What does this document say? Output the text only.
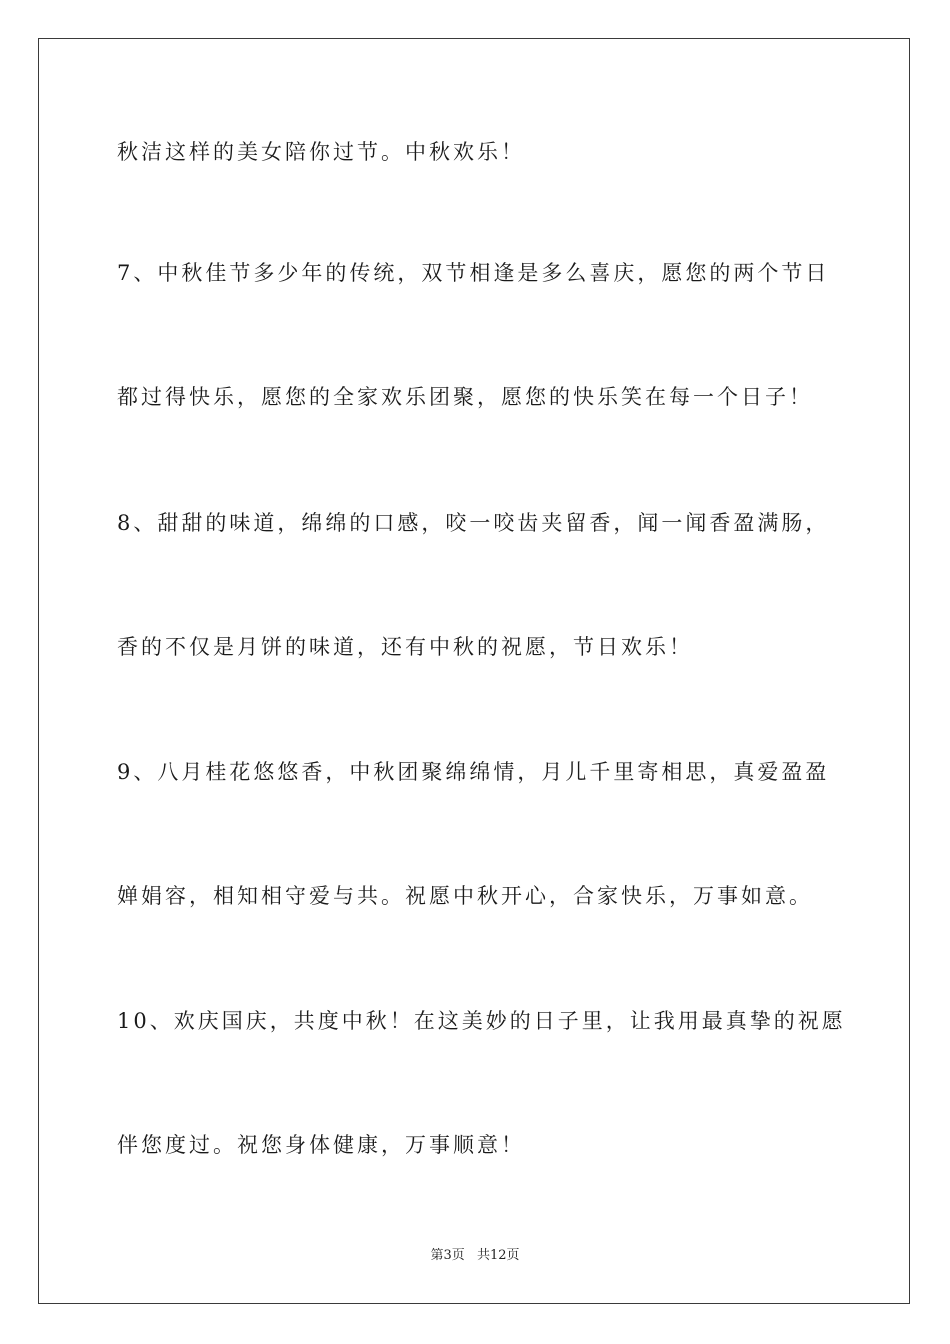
秋洁这样的美女陪你过节。中秋欢乐！
7、中秋佳节多少年的传统，双节相逢是多么喜庆，愿您的两个节日
都过得快乐，愿您的全家欢乐团聚，愿您的快乐笑在每一个日子！
8、甜甜的味道，绵绵的口感，咬一咬齿夹留香，闻一闻香盈满肠，
香的不仅是月饼的味道，还有中秋的祝愿，节日欢乐！
9、八月桂花悠悠香，中秋团聚绵绵情，月儿千里寄相思，真爱盈盈
婵娟容，相知相守爱与共。祝愿中秋开心，合家快乐，万事如意。
10、欢庆国庆，共度中秋！在这美妙的日子里，让我用最真挚的祝愿
伴您度过。祝您身体健康，万事顺意！
第3页 共12页
